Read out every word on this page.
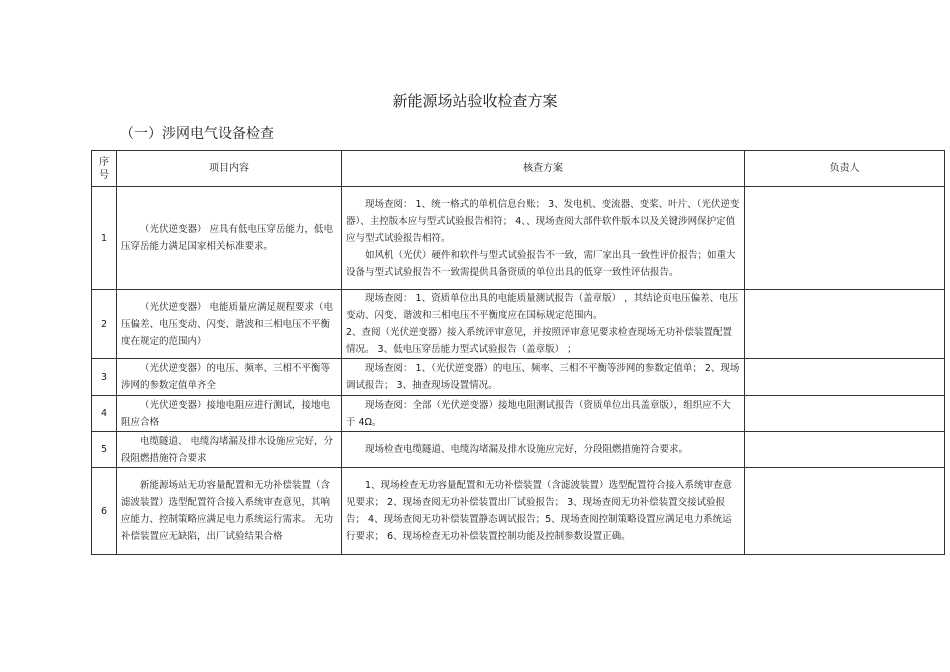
新能源场站验收检查方案
（一）涉网电气设备检查
序
号	项目内容	核查方案	负责人
1	（光伏逆变器） 应具有低电压穿岳能力，低电压穿岳能力满足国家相关标准要求。	现场查阅： 1、统一格式的单机信息台账； 3、发电机、变流器、变桨、叶片、（光伏逆变器）、主控版本应与型式试验报告相符； 4、、现场查阅大部件软件版本以及关键涉网保护定值应与型式试验报告相符。

如风机（光伏）硬件和软件与型式试验报告不一致，需厂家出具一致性评价报告；如重大设备与型式试验报告不一致需提供具备资质的单位出具的低穿一致性评估报告。	

2	（光伏逆变器） 电能质量应满足规程要求（电压偏差、电压变动、闪变、谐波和三相电压不平衡度在规定的范围内）	现场查阅： 1、资质单位出具的电能质量测试报告（盖章版） ，其结论页电压偏差、电压变动、闪变、谐波和三相电压不平衡度应在国标规定范围内。

2、查阅（光伏逆变器）接入系统评审意见，并按照评审意见要求检查现场无功补偿装置配置情况。 3、低电压穿岳能力型式试验报告（盖章版） ；	

3	（光伏逆变器）的电压、频率、三相不平衡等涉网的参数定值单齐全	现场查阅： 1、（光伏逆变器）的电压、频率、三相不平衡等涉网的参数定值单； 2、现场调试报告； 3、抽查现场设置情况。	

4	（光伏逆变器）接地电阻应进行测试，接地电阻应合格	现场查阅：全部（光伏逆变器）接地电阻测试报告（资质单位出具盖章版），组织应不大于 4Ω。	

5	电缆隧道、 电缆沟堵漏及排水设施应完好，分段阻燃措施符合要求	现场检查电缆隧道、电缆沟堵漏及排水设施应完好，分段阻燃措施符合要求。	

6	新能源场站无功容量配置和无功补偿装置（含滤波装置）选型配置符合接入系统审查意见，其响应能力、控制策略应满足电力系统运行需求。 无功补偿装置应无缺陷，出厂试验结果合格	1、现场检查无功容量配置和无功补偿装置（含滤波装置）选型配置符合接入系统审查意见要求； 2、现场查阅无功补偿装置出厂试验报告； 3、现场查阅无功补偿装置交接试验报告； 4、现场查阅无功补偿装置静态调试报告；5、现场查阅控制策略设置应满足电力系统运行要求； 6、现场检查无功补偿装置控制功能及控制参数设置正确。	
